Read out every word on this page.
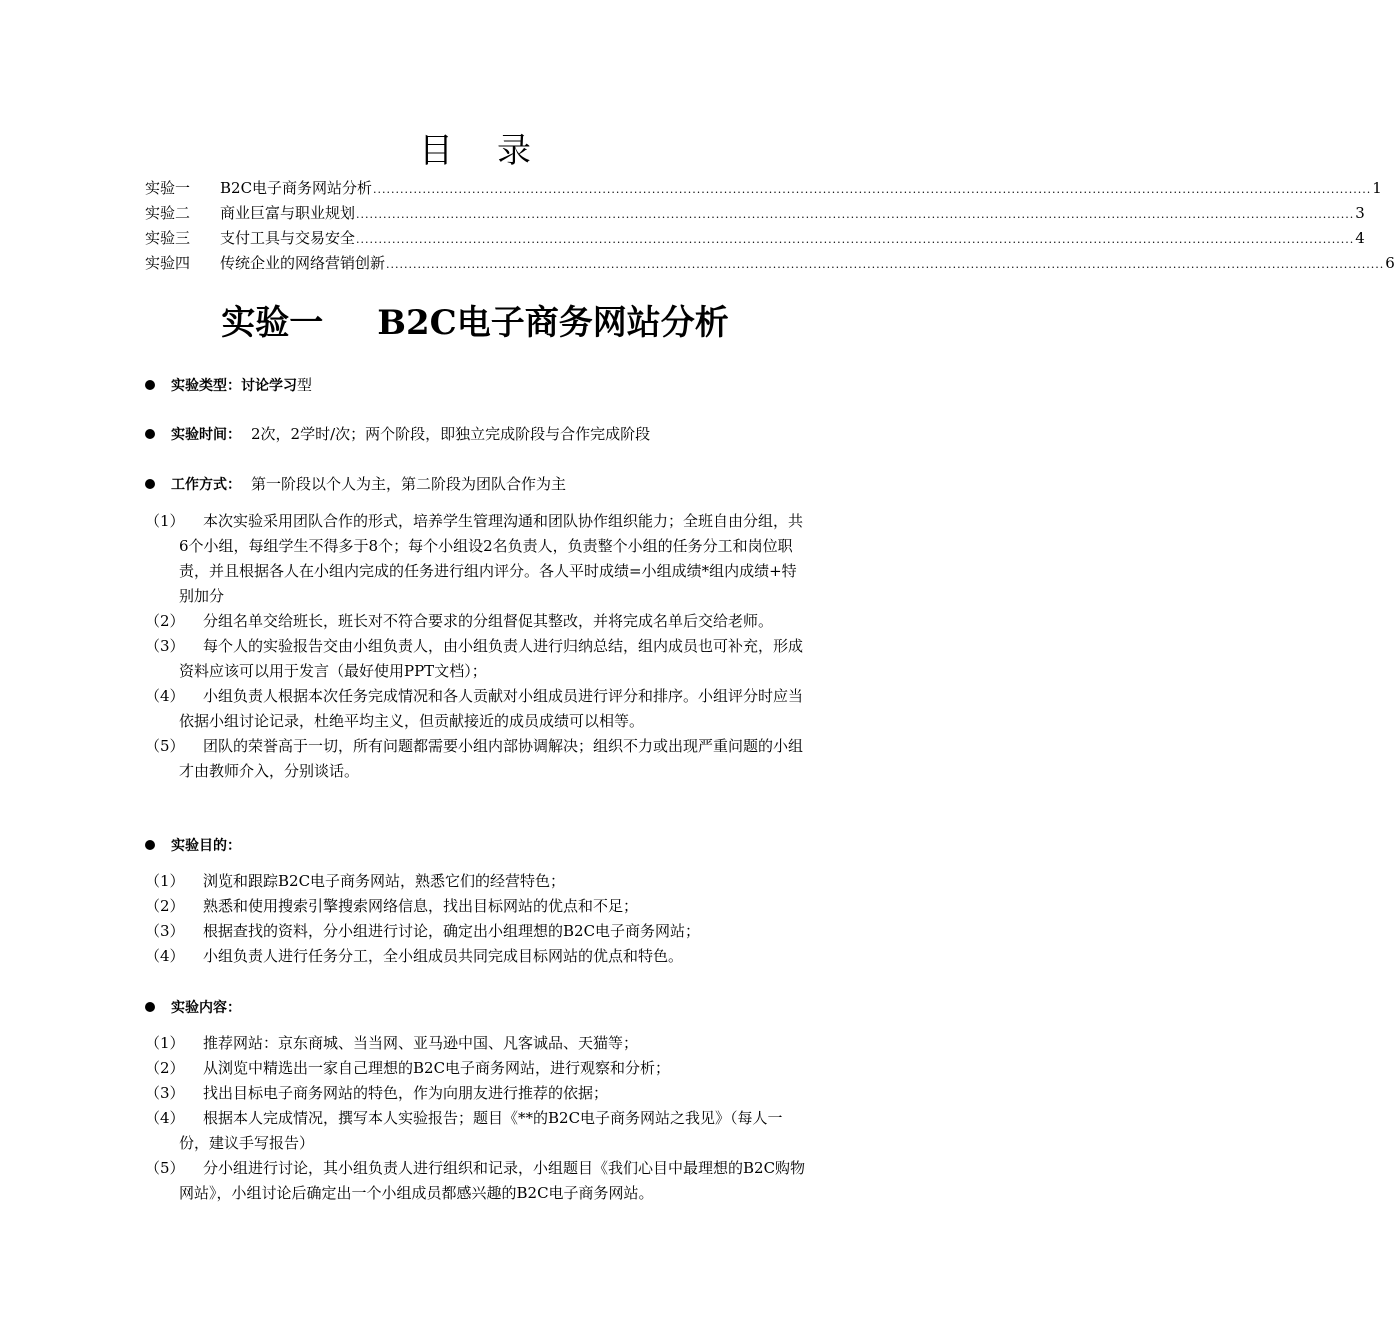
目录
实验一	B2C电子商务网站分析 .............................................................................................................................................................................................................................. 1
实验二	商业巨富与职业规划 .............................................................................................................................................................................................................................. 3
实验三	支付工具与交易安全 .............................................................................................................................................................................................................................. 4
实验四	传统企业的网络营销创新 .............................................................................................................................................................................................................................. 6
实验一 B2C电子商务网站分析
实验类型：讨论学习型
实验时间： 2次，2学时/次；两个阶段，即独立完成阶段与合作完成阶段
工作方式： 第一阶段以个人为主，第二阶段为团队合作为主
（1）	本次实验采用团队合作的形式，培养学生管理沟通和团队协作组织能力；全班自由分组，共6个小组，每组学生不得多于8个；每个小组设2名负责人，负责整个小组的任务分工和岗位职责，并且根据各人在小组内完成的任务进行组内评分。各人平时成绩=小组成绩*组内成绩+特别加分
（2）	分组名单交给班长，班长对不符合要求的分组督促其整改，并将完成名单后交给老师。
（3）	每个人的实验报告交由小组负责人，由小组负责人进行归纳总结，组内成员也可补充，形成资料应该可以用于发言（最好使用PPT文档）；
（4）	小组负责人根据本次任务完成情况和各人贡献对小组成员进行评分和排序。小组评分时应当依据小组讨论记录，杜绝平均主义，但贡献接近的成员成绩可以相等。
（5）	团队的荣誉高于一切，所有问题都需要小组内部协调解决；组织不力或出现严重问题的小组才由教师介入，分别谈话。
实验目的：
（1）	浏览和跟踪B2C电子商务网站，熟悉它们的经营特色；
（2）	熟悉和使用搜索引擎搜索网络信息，找出目标网站的优点和不足；
（3）	根据查找的资料，分小组进行讨论，确定出小组理想的B2C电子商务网站；
（4）	小组负责人进行任务分工，全小组成员共同完成目标网站的优点和特色。
实验内容：
（1）	推荐网站：京东商城、当当网、亚马逊中国、凡客诚品、天猫等；
（2）	从浏览中精选出一家自己理想的B2C电子商务网站，进行观察和分析；
（3）	找出目标电子商务网站的特色，作为向朋友进行推荐的依据；
（4）	根据本人完成情况，撰写本人实验报告；题目《**的B2C电子商务网站之我见》（每人一份，建议手写报告）
（5）	分小组进行讨论，其小组负责人进行组织和记录，小组题目《我们心目中最理想的B2C购物网站》，小组讨论后确定出一个小组成员都感兴趣的B2C电子商务网站。
